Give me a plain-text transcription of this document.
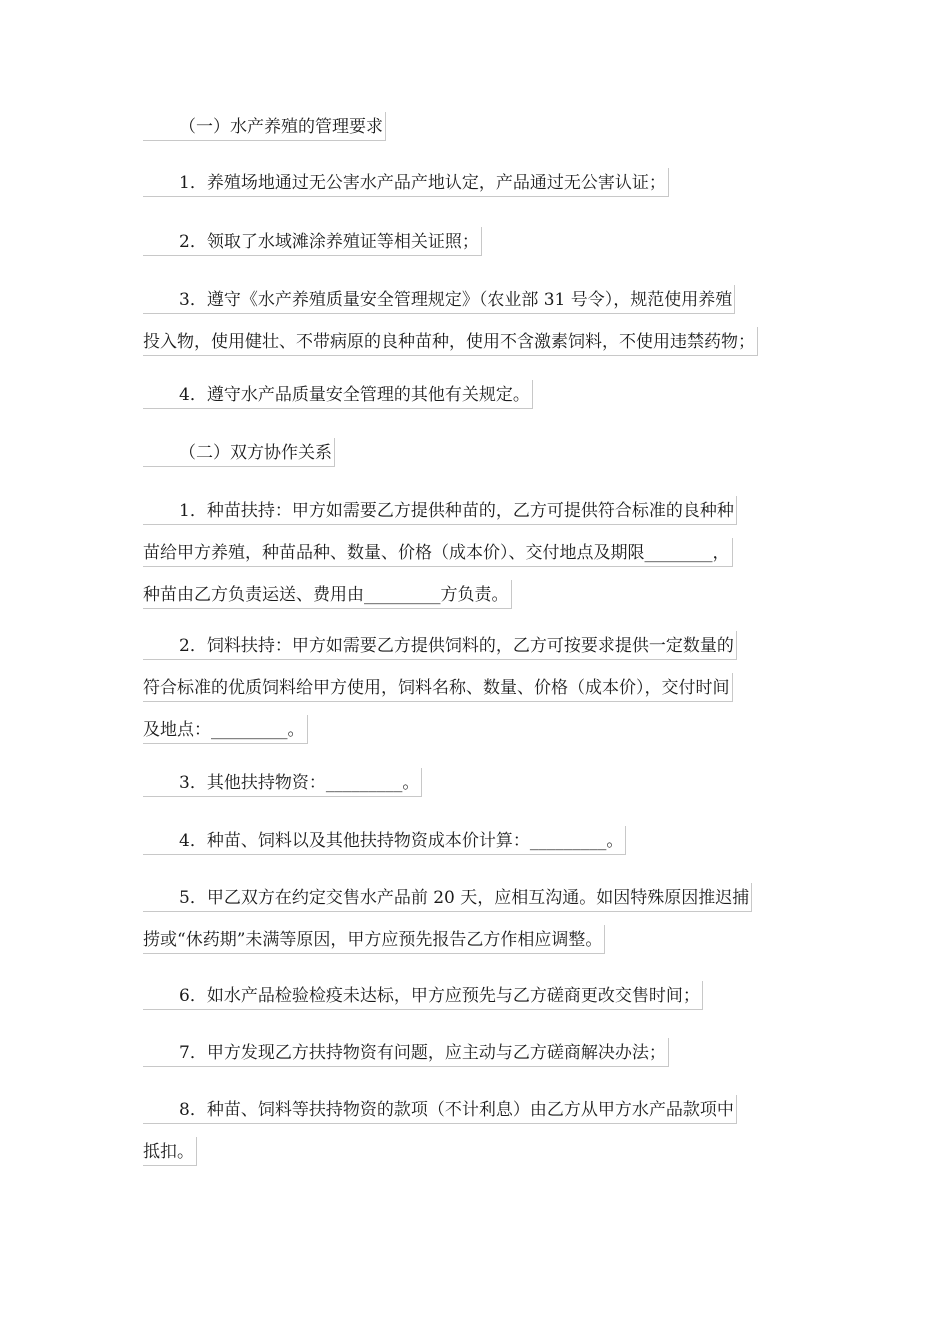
（一）水产养殖的管理要求
1．养殖场地通过无公害水产品产地认定，产品通过无公害认证；
2．领取了水域滩涂养殖证等相关证照；
3．遵守《水产养殖质量安全管理规定》（农业部 31 号令），规范使用养殖
投入物，使用健壮、不带病原的良种苗种，使用不含激素饲料，不使用违禁药物；
4．遵守水产品质量安全管理的其他有关规定。
（二）双方协作关系
1．种苗扶持：甲方如需要乙方提供种苗的，乙方可提供符合标准的良种种
苗给甲方养殖，种苗品种、数量、价格（成本价）、交付地点及期限________，
种苗由乙方负责运送、费用由_________方负责。
2．饲料扶持：甲方如需要乙方提供饲料的，乙方可按要求提供一定数量的
符合标准的优质饲料给甲方使用，饲料名称、数量、价格（成本价），交付时间
及地点：_________。
3．其他扶持物资：_________。
4．种苗、饲料以及其他扶持物资成本价计算：_________。
5．甲乙双方在约定交售水产品前 20 天，应相互沟通。如因特殊原因推迟捕
捞或“休药期”未满等原因，甲方应预先报告乙方作相应调整。
6．如水产品检验检疫未达标，甲方应预先与乙方磋商更改交售时间；
7．甲方发现乙方扶持物资有问题，应主动与乙方磋商解决办法；
8．种苗、饲料等扶持物资的款项（不计利息）由乙方从甲方水产品款项中
抵扣。
